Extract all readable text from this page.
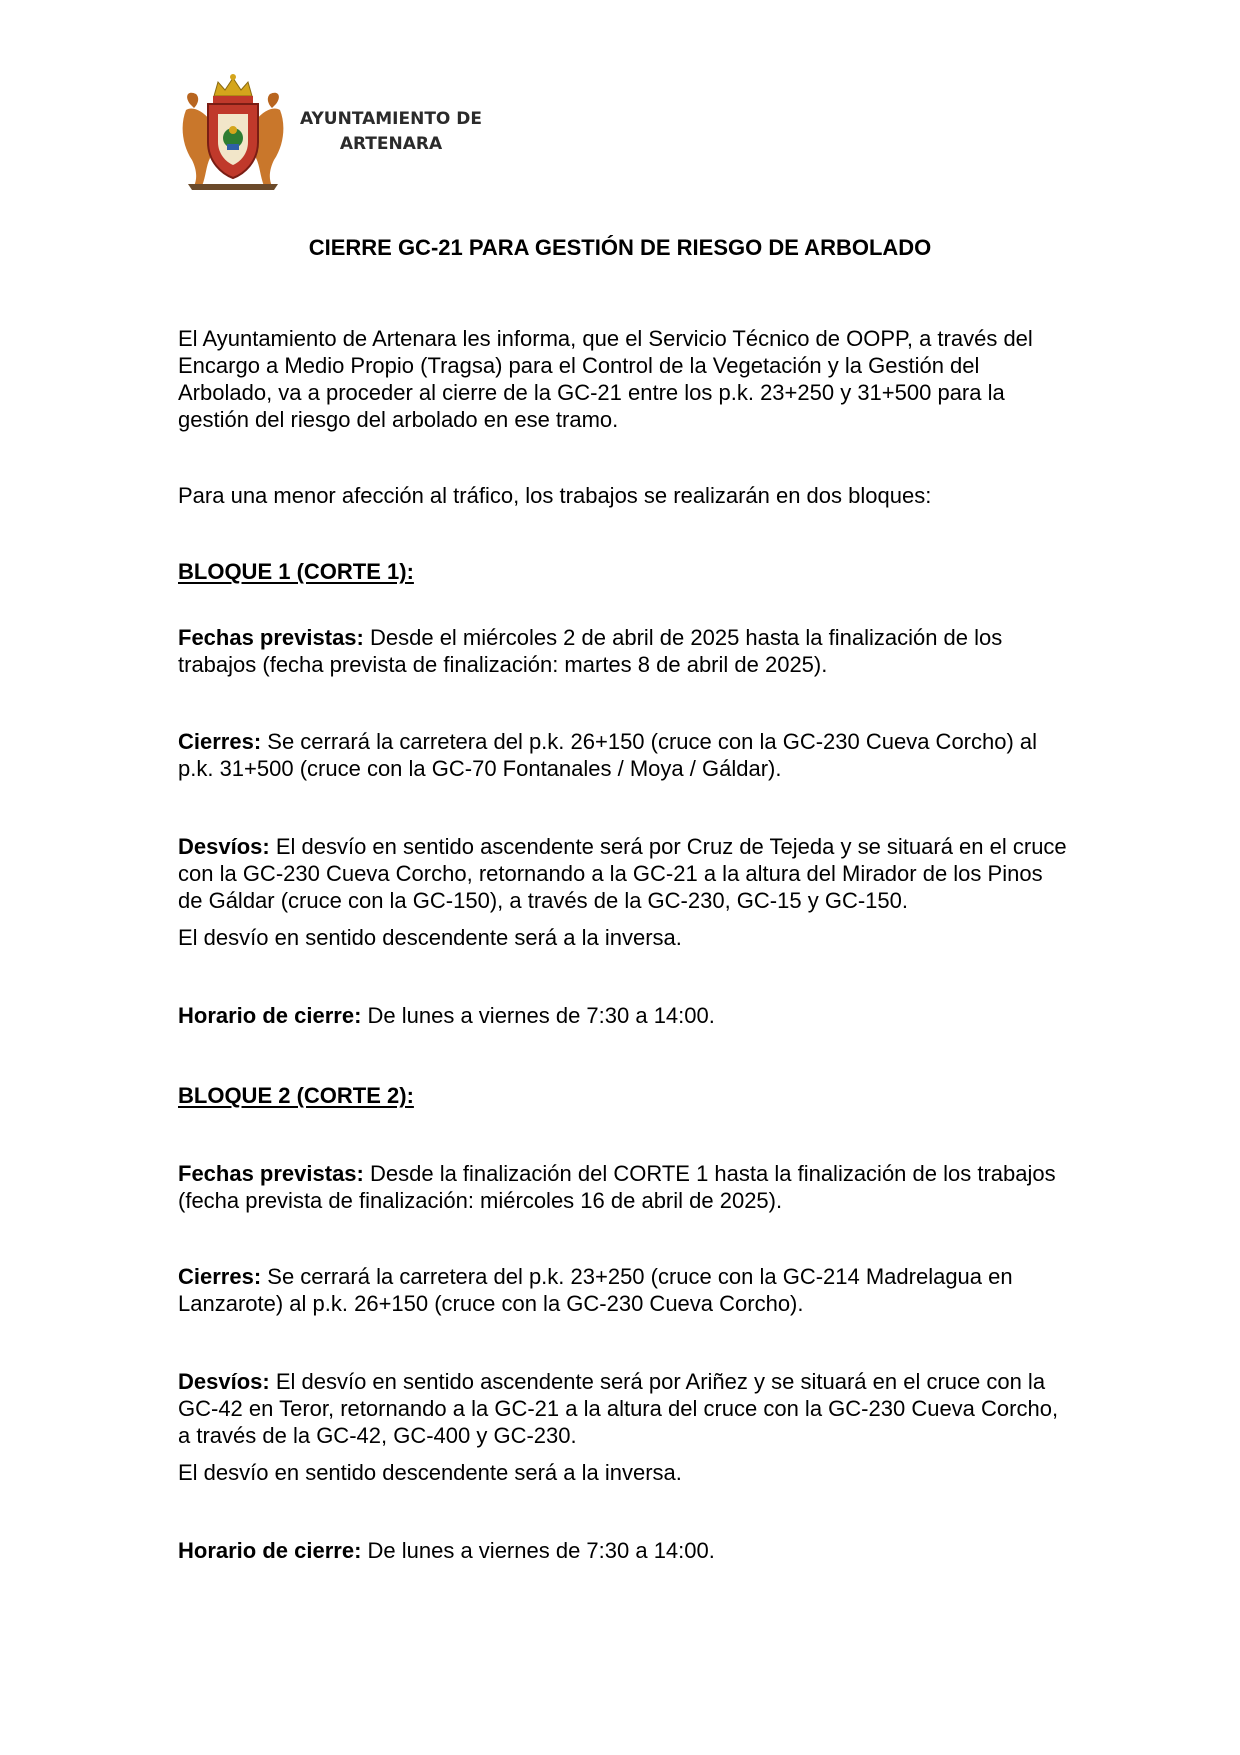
AYUNTAMIENTO DE
ARTENARA
CIERRE GC-21 PARA GESTIÓN DE RIESGO DE ARBOLADO

El Ayuntamiento de Artenara les informa, que el Servicio Técnico de OOPP, a través del Encargo a Medio Propio (Tragsa) para el Control de la Vegetación y la Gestión del Arbolado, va a proceder al cierre de la GC-21 entre los p.k. 23+250 y 31+500 para la gestión del riesgo del arbolado en ese tramo.

Para una menor afección al tráfico, los trabajos se realizarán en dos bloques:

BLOQUE 1 (CORTE 1):

Fechas previstas: Desde el miércoles 2 de abril de 2025 hasta la finalización de los trabajos (fecha prevista de finalización: martes 8 de abril de 2025).

Cierres: Se cerrará la carretera del p.k. 26+150 (cruce con la GC-230 Cueva Corcho) al p.k. 31+500 (cruce con la GC-70 Fontanales / Moya / Gáldar).

Desvíos: El desvío en sentido ascendente será por Cruz de Tejeda y se situará en el cruce con la GC-230 Cueva Corcho, retornando a la GC-21 a la altura del Mirador de los Pinos de Gáldar (cruce con la GC-150), a través de la GC-230, GC-15 y GC-150.

El desvío en sentido descendente será a la inversa.

Horario de cierre: De lunes a viernes de 7:30 a 14:00.

BLOQUE 2 (CORTE 2):

Fechas previstas: Desde la finalización del CORTE 1 hasta la finalización de los trabajos (fecha prevista de finalización: miércoles 16 de abril de 2025).

Cierres: Se cerrará la carretera del p.k. 23+250 (cruce con la GC-214 Madrelagua en Lanzarote) al p.k. 26+150 (cruce con la GC-230 Cueva Corcho).

Desvíos: El desvío en sentido ascendente será por Ariñez y se situará en el cruce con la GC-42 en Teror, retornando a la GC-21 a la altura del cruce con la GC-230 Cueva Corcho, a través de la GC-42, GC-400 y GC-230.

El desvío en sentido descendente será a la inversa.

Horario de cierre: De lunes a viernes de 7:30 a 14:00.
